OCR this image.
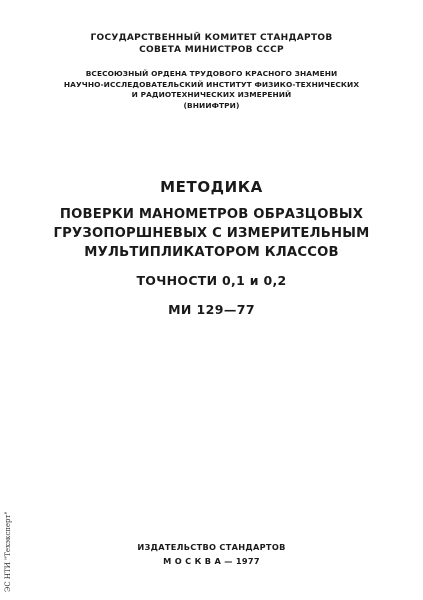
ГОСУДАРСТВЕННЫЙ КОМИТЕТ СТАНДАРТОВ
СОВЕТА МИНИСТРОВ СССР
ВСЕСОЮЗНЫЙ ОРДЕНА ТРУДОВОГО КРАСНОГО ЗНАМЕНИ
НАУЧНО-ИССЛЕДОВАТЕЛЬСКИЙ ИНСТИТУТ ФИЗИКО-ТЕХНИЧЕСКИХ
И РАДИОТЕХНИЧЕСКИХ ИЗМЕРЕНИЙ
(ВНИИФТРИ)
МЕТОДИКА
ПОВЕРКИ МАНОМЕТРОВ ОБРАЗЦОВЫХ
ГРУЗОПОРШНЕВЫХ С ИЗМЕРИТЕЛЬНЫМ
МУЛЬТИПЛИКАТОРОМ КЛАССОВ
ТОЧНОСТИ 0,1 и 0,2
МИ 129—77
ИЗДАТЕЛЬСТВО СТАНДАРТОВ
М О С К В А — 1977
ЭС НТИ "Техэксперт"
